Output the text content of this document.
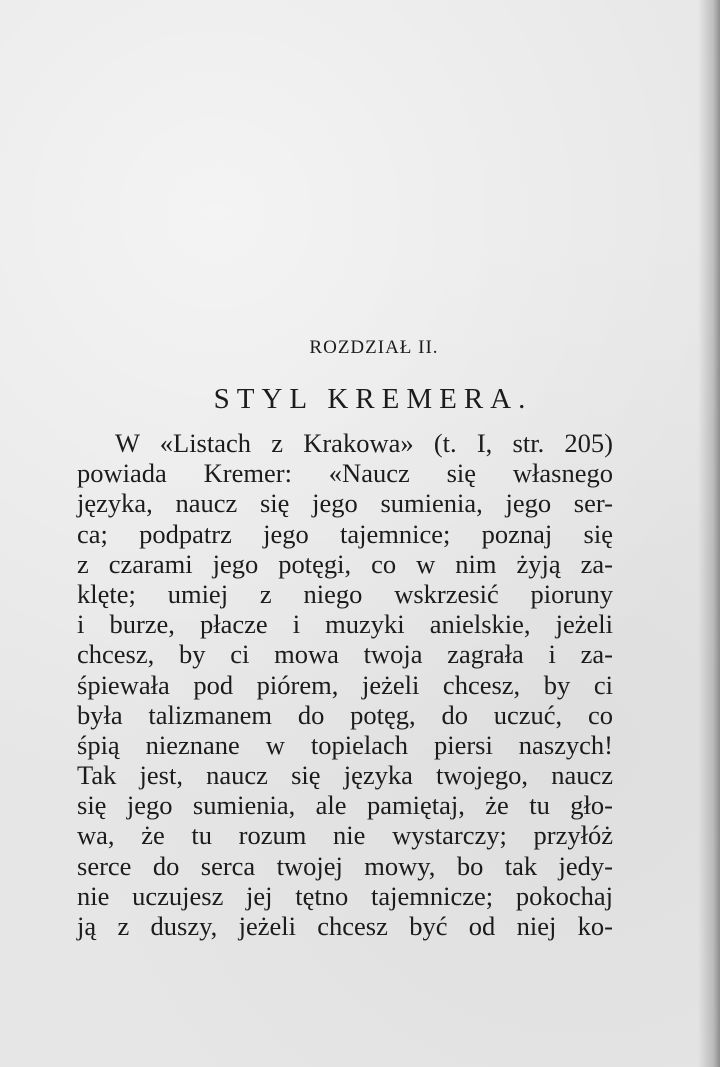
ROZDZIAŁ II.
STYL KREMERA.
W «Listach z Krakowa» (t. I, str. 205)
powiada Kremer: «Naucz się własnego
języka, naucz się jego sumienia, jego ser-
ca; podpatrz jego tajemnice; poznaj się
z czarami jego potęgi, co w nim żyją za-
klęte; umiej z niego wskrzesić pioruny
i burze, płacze i muzyki anielskie, jeżeli
chcesz, by ci mowa twoja zagrała i za-
śpiewała pod piórem, jeżeli chcesz, by ci
była talizmanem do potęg, do uczuć, co
śpią nieznane w topielach piersi naszych!
Tak jest, naucz się języka twojego, naucz
się jego sumienia, ale pamiętaj, że tu gło-
wa, że tu rozum nie wystarczy; przyłóż
serce do serca twojej mowy, bo tak jedy-
nie uczujesz jej tętno tajemnicze; pokochaj
ją z duszy, jeżeli chcesz być od niej ko-
